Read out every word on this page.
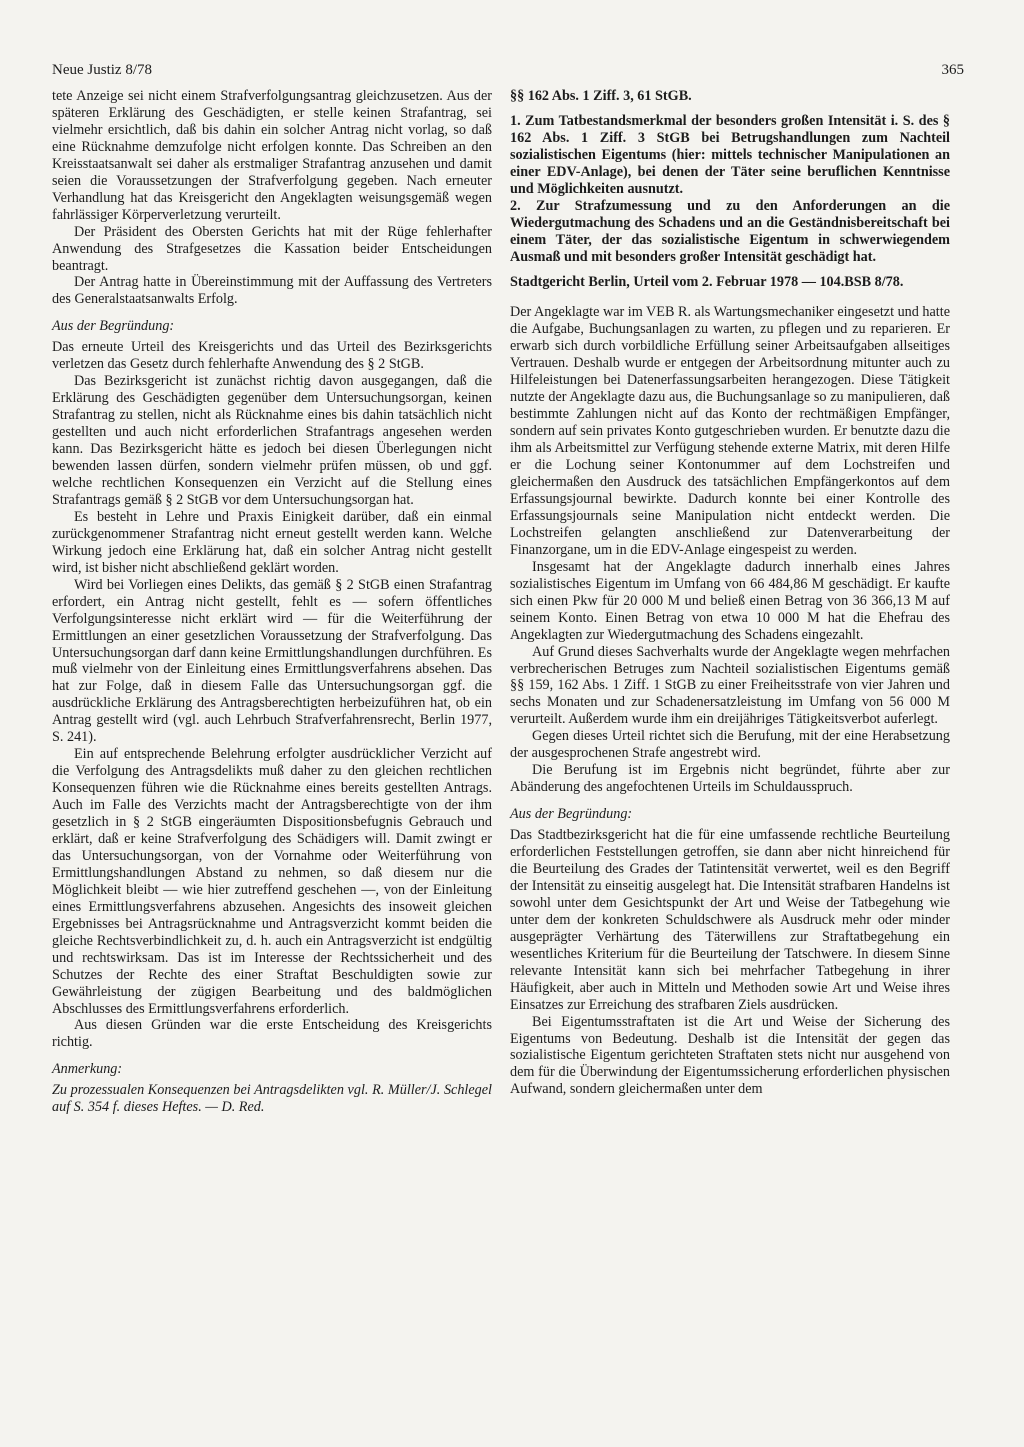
Neue Justiz 8/78	365

tete Anzeige sei nicht einem Strafverfolgungsantrag gleichzusetzen. Aus der späteren Erklärung des Geschädigten, er stelle keinen Strafantrag, sei vielmehr ersichtlich, daß bis dahin ein solcher Antrag nicht vorlag, so daß eine Rücknahme demzufolge nicht erfolgen konnte. Das Schreiben an den Kreisstaatsanwalt sei daher als erstmaliger Strafantrag anzusehen und damit seien die Voraussetzungen der Strafverfolgung gegeben. Nach erneuter Verhandlung hat das Kreisgericht den Angeklagten weisungsgemäß wegen fahrlässiger Körperverletzung verurteilt.

Der Präsident des Obersten Gerichts hat mit der Rüge fehlerhafter Anwendung des Strafgesetzes die Kassation beider Entscheidungen beantragt.

Der Antrag hatte in Übereinstimmung mit der Auffassung des Vertreters des Generalstaatsanwalts Erfolg.

Aus der Begründung:

Das erneute Urteil des Kreisgerichts und das Urteil des Bezirksgerichts verletzen das Gesetz durch fehlerhafte Anwendung des § 2 StGB.

Das Bezirksgericht ist zunächst richtig davon ausgegangen, daß die Erklärung des Geschädigten gegenüber dem Untersuchungsorgan, keinen Strafantrag zu stellen, nicht als Rücknahme eines bis dahin tatsächlich nicht gestellten und auch nicht erforderlichen Strafantrags angesehen werden kann. Das Bezirksgericht hätte es jedoch bei diesen Überlegungen nicht bewenden lassen dürfen, sondern vielmehr prüfen müssen, ob und ggf. welche rechtlichen Konsequenzen ein Verzicht auf die Stellung eines Strafantrags gemäß § 2 StGB vor dem Untersuchungsorgan hat.

Es besteht in Lehre und Praxis Einigkeit darüber, daß ein einmal zurückgenommener Strafantrag nicht erneut gestellt werden kann. Welche Wirkung jedoch eine Erklärung hat, daß ein solcher Antrag nicht gestellt wird, ist bisher nicht abschließend geklärt worden.

Wird bei Vorliegen eines Delikts, das gemäß § 2 StGB einen Strafantrag erfordert, ein Antrag nicht gestellt, fehlt es — sofern öffentliches Verfolgungsinteresse nicht erklärt wird — für die Weiterführung der Ermittlungen an einer gesetzlichen Voraussetzung der Strafverfolgung. Das Untersuchungsorgan darf dann keine Ermittlungshandlungen durchführen. Es muß vielmehr von der Einleitung eines Ermittlungsverfahrens absehen. Das hat zur Folge, daß in diesem Falle das Untersuchungsorgan ggf. die ausdrückliche Erklärung des Antragsberechtigten herbeizuführen hat, ob ein Antrag gestellt wird (vgl. auch Lehrbuch Strafverfahrensrecht, Berlin 1977, S. 241).

Ein auf entsprechende Belehrung erfolgter ausdrücklicher Verzicht auf die Verfolgung des Antragsdelikts muß daher zu den gleichen rechtlichen Konsequenzen führen wie die Rücknahme eines bereits gestellten Antrags. Auch im Falle des Verzichts macht der Antragsberechtigte von der ihm gesetzlich in § 2 StGB eingeräumten Dispositionsbefugnis Gebrauch und erklärt, daß er keine Strafverfolgung des Schädigers will. Damit zwingt er das Untersuchungsorgan, von der Vornahme oder Weiterführung von Ermittlungshandlungen Abstand zu nehmen, so daß diesem nur die Möglichkeit bleibt — wie hier zutreffend geschehen —, von der Einleitung eines Ermittlungsverfahrens abzusehen. Angesichts des insoweit gleichen Ergebnisses bei Antragsrücknahme und Antragsverzicht kommt beiden die gleiche Rechtsverbindlichkeit zu, d. h. auch ein Antragsverzicht ist endgültig und rechtswirksam. Das ist im Interesse der Rechtssicherheit und des Schutzes der Rechte des einer Straftat Beschuldigten sowie zur Gewährleistung der zügigen Bearbeitung und des baldmöglichen Abschlusses des Ermittlungsverfahrens erforderlich.

Aus diesen Gründen war die erste Entscheidung des Kreisgerichts richtig.

Anmerkung:

Zu prozessualen Konsequenzen bei Antragsdelikten vgl. R. Müller/J. Schlegel auf S. 354 f. dieses Heftes. — D. Red.

§§ 162 Abs. 1 Ziff. 3, 61 StGB.

1. Zum Tatbestandsmerkmal der besonders großen Intensität i. S. des § 162 Abs. 1 Ziff. 3 StGB bei Betrugshandlungen zum Nachteil sozialistischen Eigentums (hier: mittels technischer Manipulationen an einer EDV-Anlage), bei denen der Täter seine beruflichen Kenntnisse und Möglichkeiten ausnutzt.

2. Zur Strafzumessung und zu den Anforderungen an die Wiedergutmachung des Schadens und an die Geständnisbereitschaft bei einem Täter, der das sozialistische Eigentum in schwerwiegendem Ausmaß und mit besonders großer Intensität geschädigt hat.

Stadtgericht Berlin, Urteil vom 2. Februar 1978 — 104.BSB 8/78.

Der Angeklagte war im VEB R. als Wartungsmechaniker eingesetzt und hatte die Aufgabe, Buchungsanlagen zu warten, zu pflegen und zu reparieren. Er erwarb sich durch vorbildliche Erfüllung seiner Arbeitsaufgaben allseitiges Vertrauen. Deshalb wurde er entgegen der Arbeitsordnung mitunter auch zu Hilfeleistungen bei Datenerfassungsarbeiten herangezogen. Diese Tätigkeit nutzte der Angeklagte dazu aus, die Buchungsanlage so zu manipulieren, daß bestimmte Zahlungen nicht auf das Konto der rechtmäßigen Empfänger, sondern auf sein privates Konto gutgeschrieben wurden. Er benutzte dazu die ihm als Arbeitsmittel zur Verfügung stehende externe Matrix, mit deren Hilfe er die Lochung seiner Kontonummer auf dem Lochstreifen und gleichermaßen den Ausdruck des tatsächlichen Empfängerkontos auf dem Erfassungsjournal bewirkte. Dadurch konnte bei einer Kontrolle des Erfassungsjournals seine Manipulation nicht entdeckt werden. Die Lochstreifen gelangten anschließend zur Datenverarbeitung der Finanzorgane, um in die EDV-Anlage eingespeist zu werden.

Insgesamt hat der Angeklagte dadurch innerhalb eines Jahres sozialistisches Eigentum im Umfang von 66 484,86 M geschädigt. Er kaufte sich einen Pkw für 20 000 M und beließ einen Betrag von 36 366,13 M auf seinem Konto. Einen Betrag von etwa 10 000 M hat die Ehefrau des Angeklagten zur Wiedergutmachung des Schadens eingezahlt.

Auf Grund dieses Sachverhalts wurde der Angeklagte wegen mehrfachen verbrecherischen Betruges zum Nachteil sozialistischen Eigentums gemäß §§ 159, 162 Abs. 1 Ziff. 1 StGB zu einer Freiheitsstrafe von vier Jahren und sechs Monaten und zur Schadenersatzleistung im Umfang von 56 000 M verurteilt. Außerdem wurde ihm ein dreijähriges Tätigkeitsverbot auferlegt.

Gegen dieses Urteil richtet sich die Berufung, mit der eine Herabsetzung der ausgesprochenen Strafe angestrebt wird.

Die Berufung ist im Ergebnis nicht begründet, führte aber zur Abänderung des angefochtenen Urteils im Schuldausspruch.

Aus der Begründung:

Das Stadtbezirksgericht hat die für eine umfassende rechtliche Beurteilung erforderlichen Feststellungen getroffen, sie dann aber nicht hinreichend für die Beurteilung des Grades der Tatintensität verwertet, weil es den Begriff der Intensität zu einseitig ausgelegt hat. Die Intensität strafbaren Handelns ist sowohl unter dem Gesichtspunkt der Art und Weise der Tatbegehung wie unter dem der konkreten Schuldschwere als Ausdruck mehr oder minder ausgeprägter Verhärtung des Täterwillens zur Straftatbegehung ein wesentliches Kriterium für die Beurteilung der Tatschwere. In diesem Sinne relevante Intensität kann sich bei mehrfacher Tatbegehung in ihrer Häufigkeit, aber auch in Mitteln und Methoden sowie Art und Weise ihres Einsatzes zur Erreichung des strafbaren Ziels ausdrücken.

Bei Eigentumsstraftaten ist die Art und Weise der Sicherung des Eigentums von Bedeutung. Deshalb ist die Intensität der gegen das sozialistische Eigentum gerichteten Straftaten stets nicht nur ausgehend von dem für die Überwindung der Eigentumssicherung erforderlichen physischen Aufwand, sondern gleichermaßen unter dem
